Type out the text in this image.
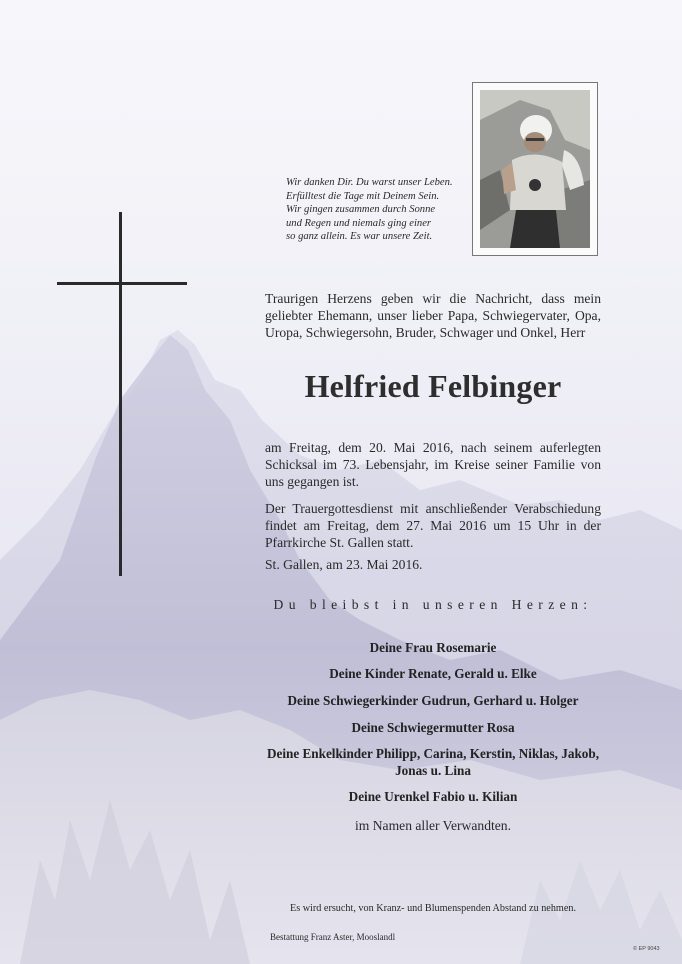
Wir danken Dir. Du warst unser Leben.
Erfülltest die Tage mit Deinem Sein.
Wir gingen zusammen durch Sonne
und Regen und niemals ging einer
so ganz allein. Es war unsere Zeit.
Traurigen Herzens geben wir die Nachricht, dass mein geliebter Ehemann, unser lieber Papa, Schwiegervater, Opa, Uropa, Schwiegersohn, Bruder, Schwager und Onkel, Herr
Helfried Felbinger
am Freitag, dem 20. Mai 2016, nach seinem auferlegten Schicksal im 73. Lebensjahr, im Kreise seiner Familie von uns gegangen ist.
Der Trauergottesdienst mit anschließender Verabschiedung findet am Freitag, dem 27. Mai 2016 um 15 Uhr in der Pfarrkirche St. Gallen statt.
St. Gallen, am 23. Mai 2016.
Du bleibst in unseren Herzen:
Deine Frau Rosemarie
Deine Kinder Renate, Gerald u. Elke
Deine Schwiegerkinder Gudrun, Gerhard u. Holger
Deine Schwiegermutter Rosa
Deine Enkelkinder Philipp, Carina, Kerstin, Niklas, Jakob, Jonas u. Lina
Deine Urenkel Fabio u. Kilian
im Namen aller Verwandten.
Es wird ersucht, von Kranz- und Blumenspenden Abstand zu nehmen.
Bestattung Franz Aster, Mooslandl
© EP 9043
